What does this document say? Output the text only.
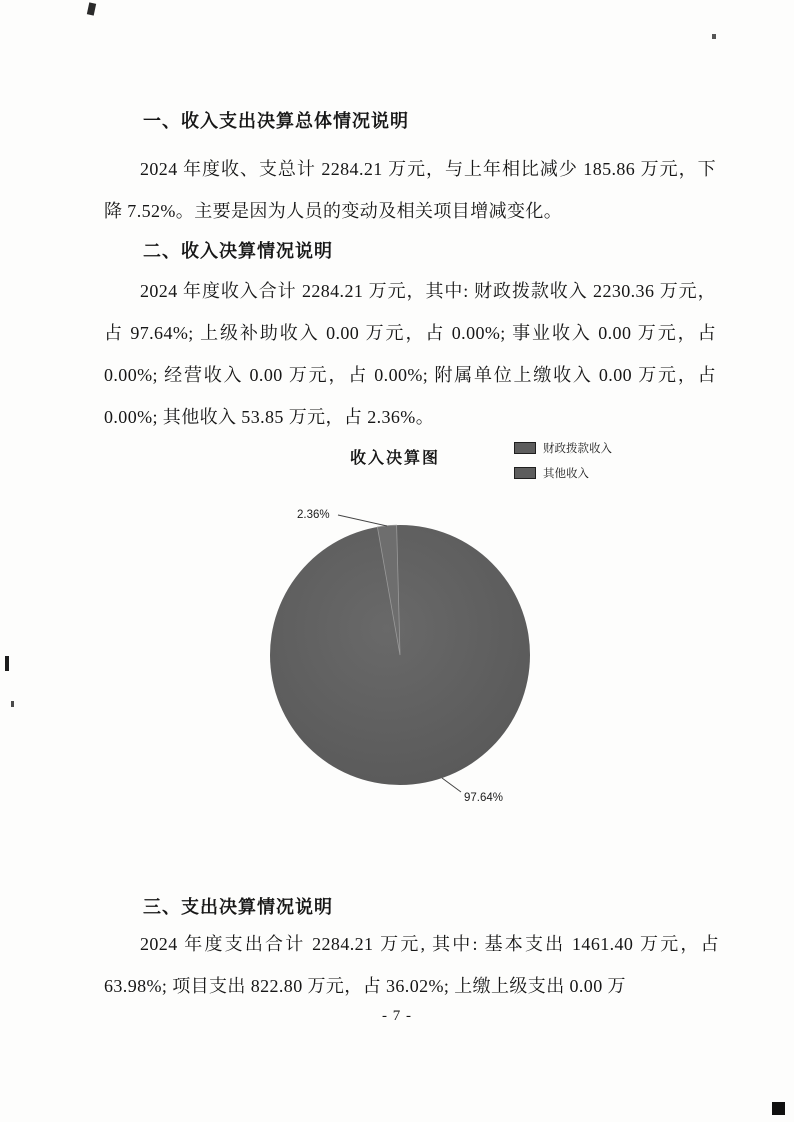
一、收入支出决算总体情况说明
2024 年度收、支总计 2284.21 万元，与上年相比减少 185.86 万元，下降 7.52%。主要是因为人员的变动及相关项目增减变化。
二、收入决算情况说明
2024 年度收入合计 2284.21 万元，其中: 财政拨款收入 2230.36 万元，占 97.64%; 上级补助收入 0.00 万元，占 0.00%; 事业收入 0.00 万元，占 0.00%; 经营收入 0.00 万元，占 0.00%; 附属单位上缴收入 0.00 万元，占 0.00%; 其他收入 53.85 万元，占 2.36%。
收入决算图
财政拨款收入
其他收入
2.36%
97.64%
三、支出决算情况说明
2024 年度支出合计 2284.21 万元, 其中: 基本支出 1461.40 万元，占 63.98%; 项目支出 822.80 万元，占 36.02%; 上缴上级支出 0.00 万
- 7 -
